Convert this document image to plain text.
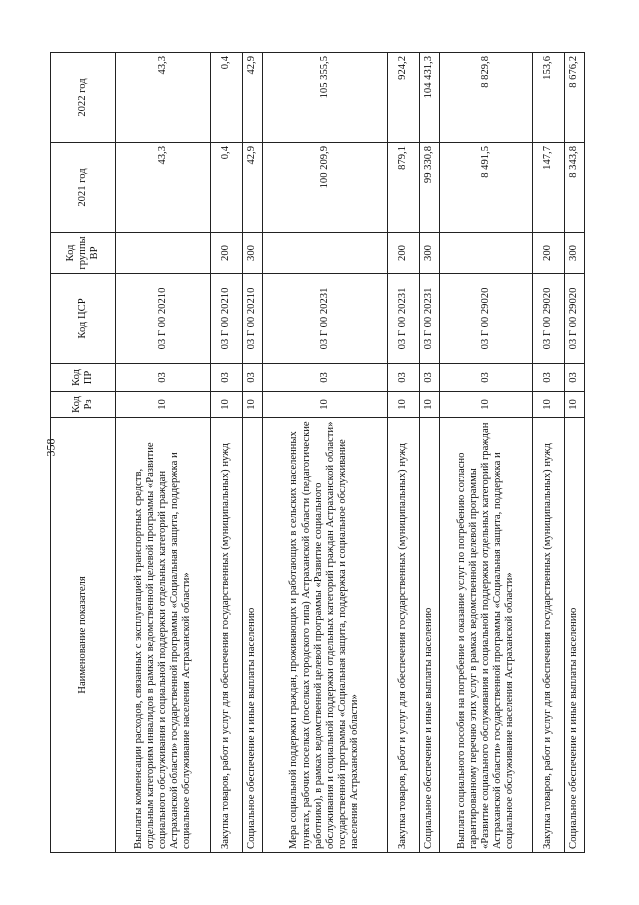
358
Наименование показателя	Код Рз	Код ПР	Код ЦСР	Код группы ВР	2021 год	2022 год
Выплаты компенсации расходов, связанных с эксплуатацией транспортных средств, отдельным категориям инвалидов в рамках ведомственной целевой программы «Развитие социального обслуживания и социальной поддержки отдельных категорий граждан Астраханской области» государственной программы «Социальная защита, поддержка и социальное обслуживание населения Астраханской области»	10	03	03 Г 00 20210		43,3	43,3
Закупка товаров, работ и услуг для обеспечения государственных (муниципальных) нужд	10	03	03 Г 00 20210	200	0,4	0,4
Социальное обеспечение и иные выплаты населению	10	03	03 Г 00 20210	300	42,9	42,9
Мера социальной поддержки граждан, проживающих и работающих в сельских населенных пунктах, рабочих поселках (поселках городского типа) Астраханской области (педагогические работники), в рамках ведомственной целевой программы «Развитие социального обслуживания и социальной поддержки отдельных категорий граждан Астраханской области» государственной программы «Социальная защита, поддержка и социальное обслуживание населения Астраханской области»	10	03	03 Г 00 20231		100 209,9	105 355,5
Закупка товаров, работ и услуг для обеспечения государственных (муниципальных) нужд	10	03	03 Г 00 20231	200	879,1	924,2
Социальное обеспечение и иные выплаты населению	10	03	03 Г 00 20231	300	99 330,8	104 431,3
Выплата социального пособия на погребение и оказание услуг по погребению согласно гарантированному перечню этих услуг в рамках ведомственной целевой программы «Развитие социального обслуживания и социальной поддержки отдельных категорий граждан Астраханской области» государственной программы «Социальная защита, поддержка и социальное обслуживание населения Астраханской области»	10	03	03 Г 00 29020		8 491,5	8 829,8
Закупка товаров, работ и услуг для обеспечения государственных (муниципальных) нужд	10	03	03 Г 00 29020	200	147,7	153,6
Социальное обеспечение и иные выплаты населению	10	03	03 Г 00 29020	300	8 343,8	8 676,2
